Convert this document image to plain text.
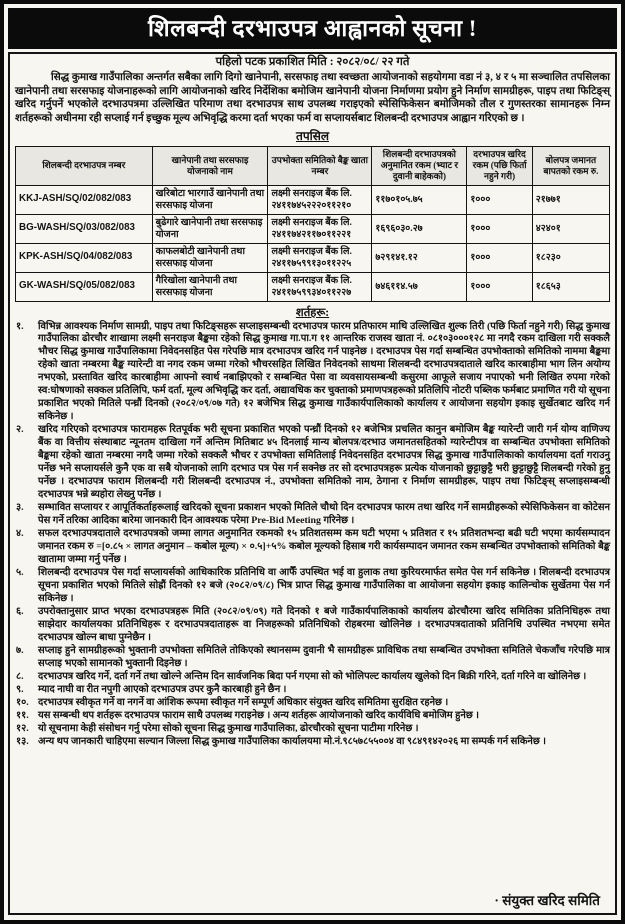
शिलबन्दी दरभाउपत्र आह्वानको सूचना !
पहिलो पटक प्रकाशित मिति : २०८२/०८/ २२ गते
सिद्ध कुमाख गाउँपालिका अन्तर्गत सबैका लागि दिगो खानेपानी, सरसफाइ तथा स्वच्छता आयोजनाको सहयोगमा वडा नं ३, ४ र ५ मा सञ्चालित तपसिलका खानेपानी तथा सरसफाइ योजनाहरूको लागि आयोजनाको खरिद निर्देशिका बमोजिम खानेपानी योजना निर्माणमा प्रयोग हुने निर्माण सामग्रीहरू, पाइप तथा फिटिङ्स् खरिद गर्नुपर्ने भएकोले दरभाउपत्रमा उल्लिखित परिमाण तथा दरभाउपत्र साथ उपलब्ध गराइएको स्पेसिफिकेसन बमोजिमको तौल र गुणस्तरका सामानहरू निम्न शर्तहरूको अधीनमा रही सप्लाई गर्न इच्छुक मूल्य अभिवृद्धि करमा दर्ता भएका फर्म वा सप्लायर्सबाट शिलबन्दी दरभाउपत्र आह्वान गरिएको छ ।
तपसिल
शिलबन्दी दरभाउपत्र नम्बर	खानेपानी तथा सरसफाइ योजनाको नाम	उपभोक्ता समितिको बैङ्क खाता नम्बर	शिलबन्दी दरभाउपत्रको अनुमानित रकम (भ्याट र दुवानी बाहेकको)	दरभाउपत्र खरिद रकम (पछि फिर्ता नहुने गरी)	बोलपत्र जमानत बापतको रकम रु.
KKJ-ASH/SQ/02/082/083	खरिबोटा भारगाउँ खानेपानी तथा सरसफाइ योजना	लक्ष्मी सनराइज बैंक लि.
२४११७४५२२२०११२१०	११७०१०५.७५	१०००	२१७७१
BG-WASH/SQ/03/082/083	बुढेगारे खानेपानी तथा सरसफाइ योजना	लक्ष्मी सनराइज बैंक लि.
२४११७४२११७०११२२१	१६९६०३०.२७	१०००	४२४०१
KPK-ASH/SQ/04/082/083	काफलबोटी खानेपानी तथा सरसफाइ योजना	लक्ष्मी सनराइज बैंक लि.
२४११७५९९१३०११२२५	७२९१४१.१२	१०००	१८२३०
GK-WASH/SQ/05/082/083	गैरिखोला खानेपानी तथा सरसफाइ योजना	लक्ष्मी सनराइज बैंक लि.
२४११७५९९३४०११२२७	७४६११४.५७	१०००	१८६५३
शर्तहरू:
१.	विभिन्न आवश्यक निर्माण सामग्री, पाइप तथा फिटिङ्सहरू सप्लाइसम्बन्धी दरभाउपत्र फारम प्रतिफारम माथि उल्लिखित शुल्क तिरी (पछि फिर्ता नहुने गरी) सिद्ध कुमाख गाउँपालिका ढोरचौर शाखामा लक्ष्मी सनराइज बैङ्कमा रहेको सिद्ध कुमाख गा.पा.ग ११ आन्तरिक राजस्व खाता नं. ०८१०३०००१२८ मा नगदै रकम दाखिला गरी सक्कलै भौचर सिद्ध कुमाख गाउँपालिकामा निवेदनसहित पेस गरेपछि मात्र दरभाउपत्र खरिद गर्न पाइनेछ । दरभाउपत्र पेस गर्दा सम्बन्धित उपभोक्ताको समितिको नाममा बैङ्कमा रहेको खाता नम्बरमा बैङ्क ग्यारेन्टी वा नगद रकम जम्मा गरेको भौचरसहित लिखित निवेदनको साथमा शिलबन्दी दरभाउपत्रदाताले खरिद कारबाहीमा भाग लिन अयोग्य नभएको, प्रस्तावित खरिद कारबाहीमा आफ्नो स्वार्थ नबाझिएको र सम्बन्धित पेसा वा व्यवसायसम्बन्धी कसुरमा आफूले सजाय नपाएको भनी लिखित रुपमा गरेको स्व:घोषणाको सक्कल प्रतिलिपि, फर्म दर्ता, मूल्य अभिवृद्धि कर दर्ता, अद्यावधिक कर चुक्ताको प्रमाणपत्रहरूको प्रतिलिपि नोटरी पब्लिक फर्मबाट प्रमाणित गरी यो सूचना प्रकाशित भएको मितिले पन्ध्रौं दिनको (२०८२/०९/०७ गते) १२ बजेभित्र सिद्ध कुमाख गाउँकार्यपालिकाको कार्यालय र आयोजना सहयोग इकाइ सुर्खेतबाट खरिद गर्न सकिनेछ ।
२.	खरिद गरिएको दरभाउपत्र फारामहरू रितपूर्वक भरी सूचना प्रकाशित भएको पन्ध्रौं दिनको १२ बजेभित्र प्रचलित कानुन बमोजिम बैङ्क ग्यारेन्टी जारी गर्न योग्य वाणिज्य बैंक वा वित्तीय संस्थाबाट न्यूनतम दाखिला गर्ने अन्तिम मितिबाट ४५ दिनलाई मान्य बोलपत्र/दरभाउ जमानतसहितको ग्यारेन्टीपत्र वा सम्बन्धित उपभोक्ता समितिको बैङ्कमा रहेको खाता नम्बरमा नगदै जम्मा गरेको सक्कलै भौचर र उपभोक्ता समितिलाई निवेदनसहित दरभाउपत्र सिद्ध कुमाख गाउँपालिकाको कार्यालयमा दर्ता गराउनु पर्नेछ भने सप्लायर्सले कुनै एक वा सबै योजनाको लागि दरभाउ पत्र पेस गर्न सक्नेछ तर सो दरभाउपत्रहरू प्रत्येक योजनाको छुट्टाछुट्टै भरी छुट्टाछुट्टै शिलबन्दी गरेको हुनु पर्नेछ । दरभाउपत्र फाराम शिलबन्दी गरी शिलबन्दी दरभाउपत्र नं., उपभोक्ता समितिको नाम, ठेगाना र निर्माण सामग्रीहरू, पाइप तथा फिटिङ्स् सप्लाइसम्बन्धी दरभाउपत्र भन्ने ब्यहोरा लेख्नु पर्नेछ ।
३.	सम्भावित सप्लायर र आपूर्तिकर्ताहरूलाई खरिदको सूचना प्रकाशन भएको मितिले चौथो दिन दरभाउपत्र फारम तथा खरिद गर्ने सामग्रीहरूको स्पेसिफिकेसन वा कोटेसन पेस गर्ने तरिका आदिका बारेमा जानकारी दिन आवश्यक परेमा Pre-Bid Meeting गरिनेछ ।
४.	सफल दरभाउपत्रदाताले दरभाउपत्रको जम्मा लागत अनुमानित रकमको १५ प्रतिशतसम्म कम घटी भएमा ५ प्रतिशत र १५ प्रतिशतभन्दा बढी घटी भएमा कार्यसम्पादन जमानत रकम रु =[०.८५ × लागत अनुमान – कबोल मूल्य) × ०.५]+५% कबोल मूल्यको हिसाब गरी कार्यसम्पादन जमानत रकम सम्बन्धित उपभोक्ताको समितिको बैङ्क खातामा जम्मा गर्नु पर्नेछ ।
५.	शिलबन्दी दरभाउपत्र पेस गर्दा सप्लायर्सको आधिकारिक प्रतिनिधि वा आफैँ उपस्थित भई वा हुलाक तथा कुरियरमार्फत समेत पेस गर्न सकिनेछ । शिलबन्दी दरभाउपत्र सूचना प्रकाशित भएको मितिले सोह्रौं दिनको १२ बजे (२०८२/०९/८) भित्र प्राप्त सिद्ध कुमाख गाउँपालिका वा आयोजना सहयोग इकाइ कालिन्चोक सुर्खेतमा पेस गर्न सकिनेछ ।
६.	उपरोक्तानुसार प्राप्त भएका दरभाउपत्रहरू मिति (२०८२/०९/०९) गते दिनको १ बजे गाउँकार्यपालिकाको कार्यालय ढोरचौरमा खरिद समितिका प्रतिनिधिहरू तथा साझेदार कार्यालयका प्रतिनिधिहरू र दरभाउपत्रदाताहरू वा निजहरूको प्रतिनिधिको रोहबरमा खोलिनेछ । दरभाउपत्रदाताको प्रतिनिधि उपस्थित नभएमा समेत दरभाउपत्र खोल्न बाधा पुग्नेछैन ।
७.	सप्लाइ हुने सामग्रीहरूको भुक्तानी उपभोक्ता समितिले तोकिएको स्थानसम्म दुवानी भै सामग्रीहरू प्राविधिक तथा सम्बन्धित उपभोक्ता समितिले चेकजाँच गरेपछि मात्र सप्लाइ भएको सामानको भुक्तानी दिइनेछ ।
८.	दरभाउपत्र खरिद गर्ने, दर्ता गर्ने तथा खोल्ने अन्तिम दिन सार्वजनिक बिदा पर्न गएमा सो को भोलिपल्ट कार्यालय खुलेको दिन बिक्री गरिने, दर्ता गरिने वा खोलिनेछ ।
९.	म्याद नाघी वा रीत नपुगी आएको दरभाउपत्र उपर कुनै कारबाही हुने छैन ।
१०. दरभाउपत्र स्वीकृत गर्ने वा नगर्ने वा आंशिक रूपमा स्वीकृत गर्ने सम्पूर्ण अधिकार संयुक्त खरिद समितिमा सुरक्षित रहनेछ ।
११. यस सम्बन्धी थप शर्तहरू दरभाउपत्र फाराम साथै उपलब्ध गराइनेछ । अन्य शर्तहरू आयोजनाको खरिद कार्यविधि बमोजिम हुनेछ ।
१२. यो सूचनामा केही संसोधन गर्नु परेमा सोको सूचना सिद्ध कुमाख गाउँपालिका, ढोरचौरको सूचना पाटीमा गरिनेछ ।
१३. अन्य थप जानकारी चाहिएमा सल्यान जिल्ला सिद्ध कुमाख गाउँपालिका कार्यालयमा मो.नं.९८५७८५५००४ वा ९८४९१४२०२६ मा सम्पर्क गर्न सकिनेछ ।
· संयुक्त खरिद समिति
